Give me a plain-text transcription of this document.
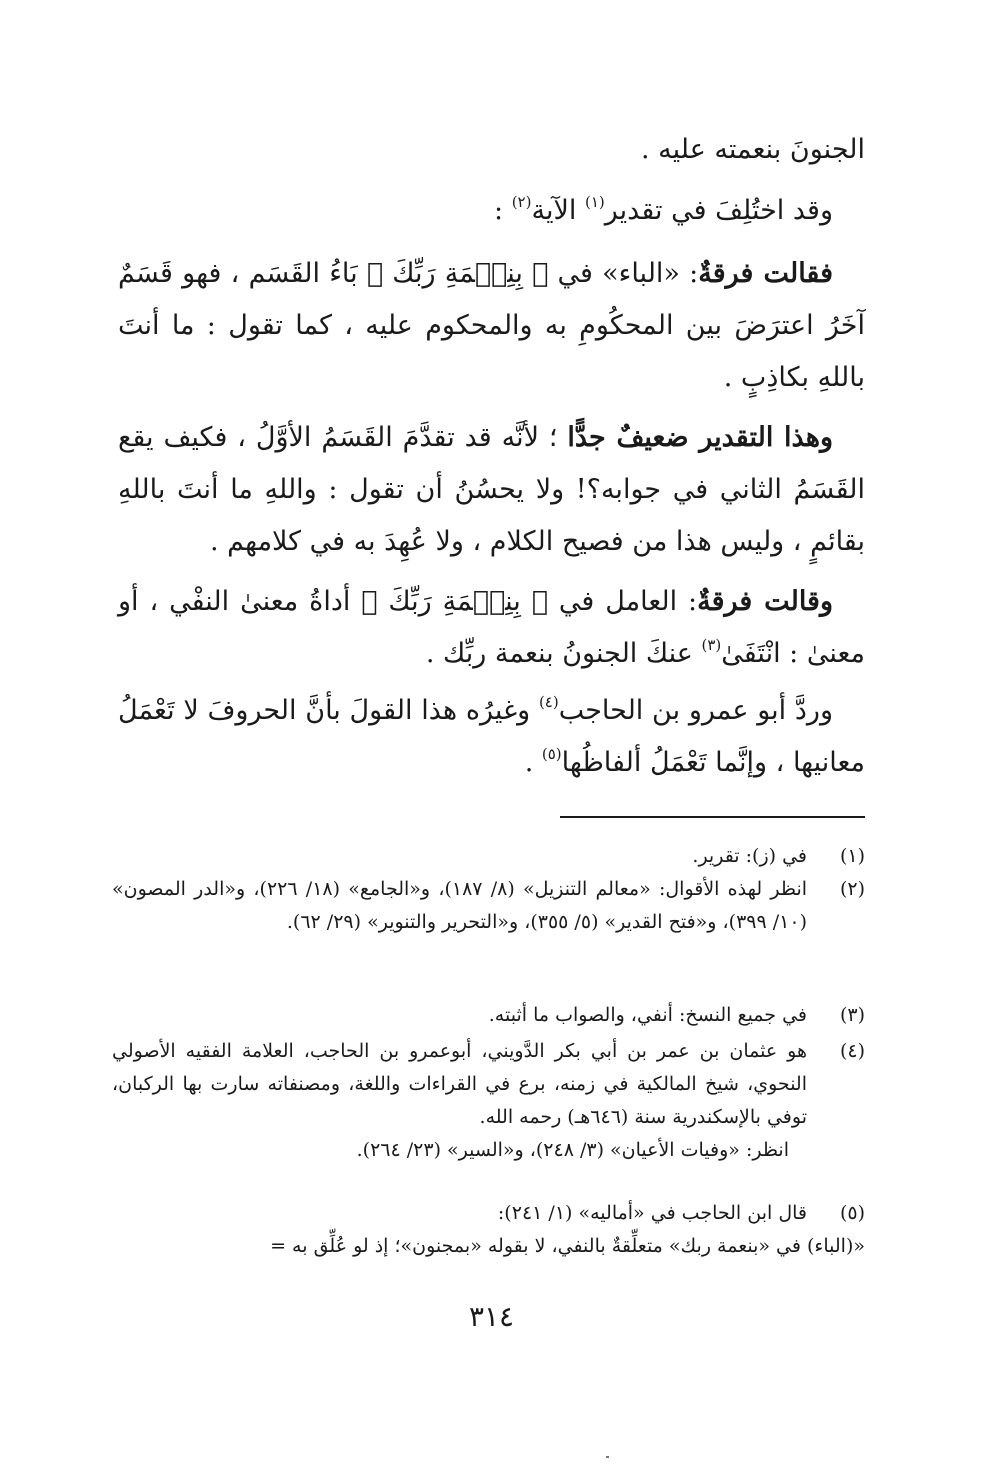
الجنونَ بنعمته عليه .
وقد اختُلِفَ في تقدير$^{(١)}$ الآية$^{(٢)}$ :
فقالت فرقةٌ: «الباء» في ﴿ بِنِعۡمَةِ رَبِّكَ ﴾ بَاءُ القَسَم ، فهو قَسَمٌ آخَرُ اعترَضَ بين المحكُومِ به والمحكوم عليه ، كما تقول : ما أنتَ باللهِ بكاذِبٍ .
وهذا التقدير ضعيفٌ جدًّا ؛ لأنَّه قد تقدَّمَ القَسَمُ الأوَّلُ ، فكيف يقع القَسَمُ الثاني في جوابه؟! ولا يحسُنُ أن تقول : واللهِ ما أنتَ باللهِ بقائمٍ ، وليس هذا من فصيح الكلام ، ولا عُهِدَ به في كلامهم .
وقالت فرقةٌ: العامل في ﴿ بِنِعۡمَةِ رَبِّكَ ﴾ أداةُ معنىٰ النفْي ، أو معنىٰ : انْتَفَىٰ$^{(٣)}$ عنكَ الجنونُ بنعمة ربِّك .
وردَّ أبو عمرو بن الحاجب$^{(٤)}$ وغيرُه هذا القولَ بأنَّ الحروفَ لا تَعْمَلُ معانيها ، وإنَّما تَعْمَلُ ألفاظُها$^{(٥)}$ .
(١)
في (ز): تقرير.
(٢)
انظر لهذه الأقوال: «معالم التنزيل» (٨/ ١٨٧)، و«الجامع» (١٨/ ٢٢٦)، و«الدر المصون» (١٠/ ٣٩٩)، و«فتح القدير» (٥/ ٣٥٥)، و«التحرير والتنوير» (٢٩/ ٦٢).
(٣)
في جميع النسخ: أنفي، والصواب ما أثبته.
(٤)
هو عثمان بن عمر بن أبي بكر الدَّويني، أبوعمرو بن الحاجب، العلامة الفقيه الأصولي النحوي، شيخ المالكية في زمنه، برع في القراءات واللغة، ومصنفاته سارت بها الركبان، توفي بالإسكندرية سنة (٦٤٦هـ) رحمه الله.
انظر: «وفيات الأعيان» (٣/ ٢٤٨)، و«السير» (٢٣/ ٢٦٤).
(٥)
قال ابن الحاجب في «أماليه» (١/ ٢٤١):
«(الباء) في «بنعمة ربك» متعلِّقةٌ بالنفي، لا بقوله «بمجنون»؛ إذ لو عُلِّق به =
٣١٤
